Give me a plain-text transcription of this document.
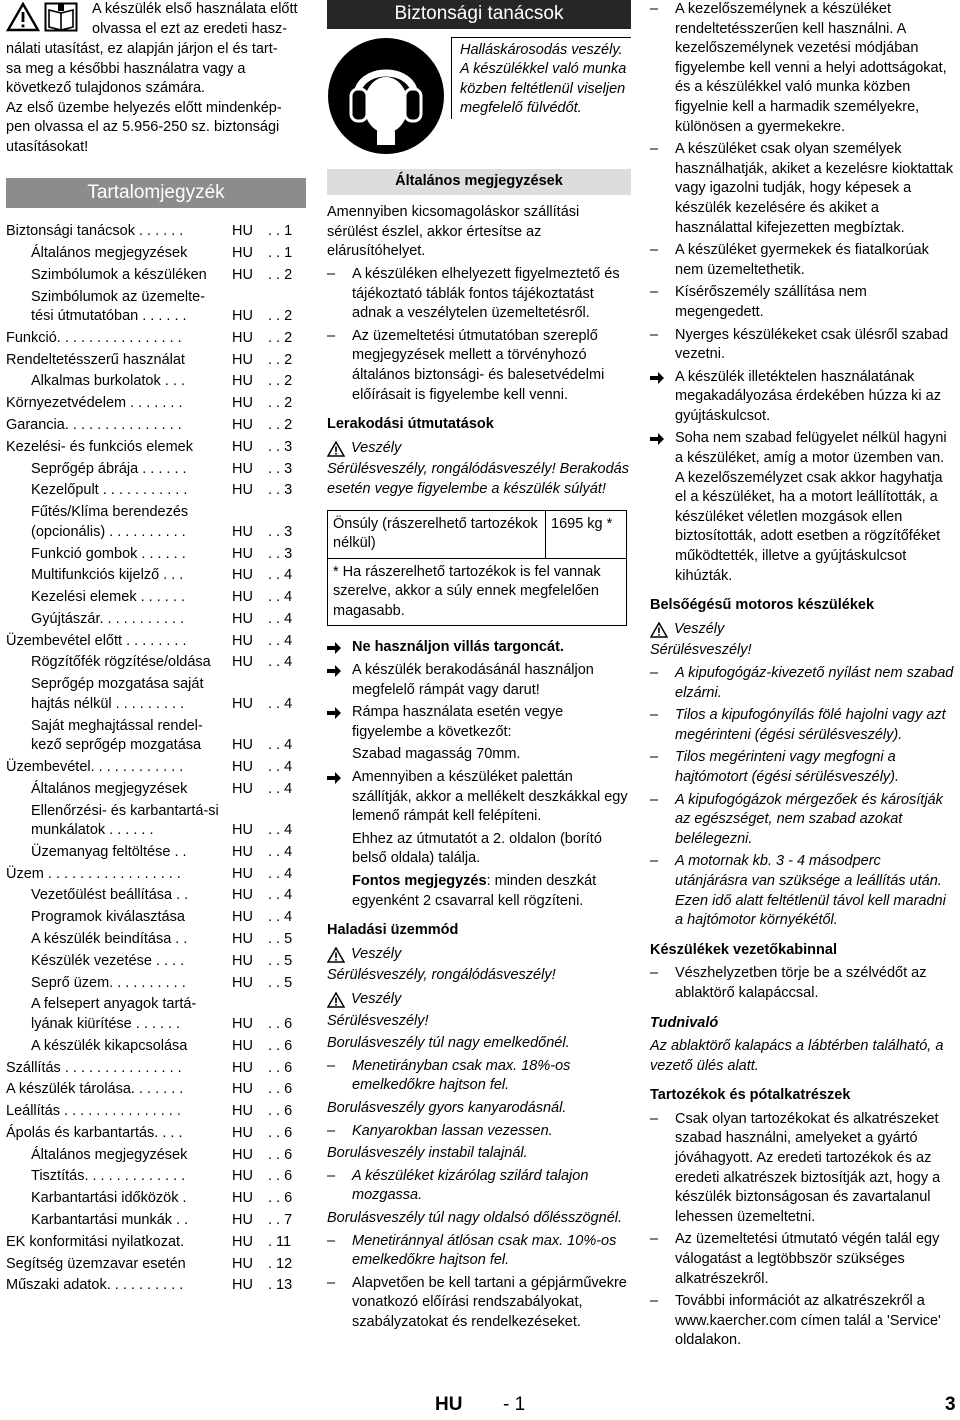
A készülék első használata előtt
olvassa el ezt az eredeti hasz-
nálati utasítást, ez alapján járjon el és tart-
sa meg a későbbi használatra vagy a
következő tulajdonos számára.
Az első üzembe helyezés előtt mindenkép-
pen olvassa el az 5.956-250 sz. biztonsági
utasításokat!
Tartalomjegyzék
Biztonsági tanácsok . . . . . .	HU . . 1
Általános megjegyzések	HU . . 1
Szimbólumok a készüléken	HU . . 2
Szimbólumok az üzemelte-tési útmutatóban . . . . . .	HU . . 2
Funkció. . . . . . . . . . . . . . . .	HU . . 2
Rendeltetésszerű használat	HU . . 2
Alkalmas burkolatok . . .	HU . . 2
Környezetvédelem . . . . . . .	HU . . 2
Garancia. . . . . . . . . . . . . . .	HU . . 2
Kezelési- és funkciós elemek	HU . . 3
Seprőgép ábrája . . . . . .	HU . . 3
Kezelőpult . . . . . . . . . . .	HU . . 3
Fűtés/Klíma berendezés (opcionális) . . . . . . . . . .	HU . . 3
Funkció gombok . . . . . .	HU . . 3
Multifunkciós kijelző . . .	HU . . 4
Kezelési elemek . . . . . .	HU . . 4
Gyújtászár. . . . . . . . . . .	HU . . 4
Üzembevétel előtt . . . . . . . .	HU . . 4
Rögzítőfék rögzítése/oldása	HU . . 4
Seprőgép mozgatása saját hajtás nélkül . . . . . . . . .	HU . . 4
Saját meghajtással rendel-kező seprőgép mozgatása	HU . . 4
Üzembevétel. . . . . . . . . . . .	HU . . 4
Általános megjegyzések	HU . . 4
Ellenőrzési- és karbantartá-si munkálatok . . . . . .	HU . . 4
Üzemanyag feltöltése . .	HU . . 4
Üzem . . . . . . . . . . . . . . . . .	HU . . 4
Vezetőülést beállítása . .	HU . . 4
Programok kiválasztása	HU . . 4
A készülék beindítása . .	HU . . 5
Készülék vezetése . . . .	HU . . 5
Seprő üzem. . . . . . . . . .	HU . . 5
A felsepert anyagok tartá-lyának kiürítése . . . . . .	HU . . 6
A készülék kikapcsolása	HU . . 6
Szállítás . . . . . . . . . . . . . . .	HU . . 6
A készülék tárolása. . . . . . .	HU . . 6
Leállítás . . . . . . . . . . . . . . .	HU . . 6
Ápolás és karbantartás. . . .	HU . . 6
Általános megjegyzések	HU . . 6
Tisztítás. . . . . . . . . . . . .	HU . . 6
Karbantartási időközök .	HU . . 6
Karbantartási munkák . .	HU . . 7
EK konformitási nyilatkozat.	HU . 11
Segítség üzemzavar esetén	HU . 12
Műszaki adatok. . . . . . . . . .	HU . 13
Biztonsági tanácsok
Halláskárosodás veszély. A készülékkel való munka közben feltétlenül viseljen megfelelő fülvédőt.
Általános megjegyzések

Amennyiben kicsomagoláskor szállítási sérülést észlel, akkor értesítse az elárusítóhelyet.

– A készüléken elhelyezett figyelmeztető és tájékoztató táblák fontos tájékoztatást adnak a veszélytelen üzemeltetésről.
– Az üzemeltetési útmutatóban szereplő megjegyzések mellett a törvényhozó általános biztonsági- és balesetvédelmi előírásait is figyelembe kell venni.
Lerakodási útmutatások
Veszély

Sérülésveszély, rongálódásveszély! Berakodás esetén vegye figyelembe a készülék súlyát!

Önsúly (rászerelhető tartozékok nélkül)	1695 kg *
* Ha rászerelhető tartozékok is fel vannak szerelve, akkor a súly ennek megfelelően magasabb.
Ne használjon villás targoncát.
A készülék berakodásánál használjon megfelelő rámpát vagy darut!
Rámpa használata esetén vegye figyelembe a következőt:
Szabad magasság 70mm.
Amennyiben a készüléket palettán szállítják, akkor a mellékelt deszkákkal egy lemenő rámpát kell felépíteni.
Ehhez az útmutatót a 2. oldalon (borító belső oldala) találja.
Fontos megjegyzés: minden deszkát egyenként 2 csavarral kell rögzíteni.
Haladási üzemmód
Veszély

Sérülésveszély, rongálódásveszély!

Veszély

Sérülésveszély!

Borulásveszély túl nagy emelkedőnél.

– Menetirányban csak max. 18%-os emelkedőkre hajtson fel.

Borulásveszély gyors kanyarodásnál.

– Kanyarokban lassan vezessen.

Borulásveszély instabil talajnál.

– A készüléket kizárólag szilárd talajon mozgassa.

Borulásveszély túl nagy oldalsó dőlésszögnél.

– Menetiránnyal átlósan csak max. 10%-os emelkedőkre hajtson fel.
– Alapvetően be kell tartani a gépjárművekre vonatkozó előírási rendszabályokat, szabályzatokat és rendelkezéseket.
– A kezelőszemélynek a készüléket rendeltetésszerűen kell használni. A kezelőszemélynek vezetési módjában figyelembe kell venni a helyi adottságokat, és a készülékkel való munka közben figyelnie kell a harmadik személyekre, különösen a gyermekekre.
– A készüléket csak olyan személyek használhatják, akiket a kezelésre kioktattak vagy igazolni tudják, hogy képesek a készülék kezelésére és akiket a használattal kifejezetten megbíztak.
– A készüléket gyermekek és fiatalkorúak nem üzemeltethetik.
– Kísérőszemély szállítása nem megengedett.
– Nyerges készülékeket csak ülésről szabad vezetni.
A készülék illetéktelen használatának megakadályozása érdekében húzza ki az gyújtáskulcsot.
Soha nem szabad felügyelet nélkül hagyni a készüléket, amíg a motor üzemben van. A kezelőszemélyzet csak akkor hagyhatja el a készüléket, ha a motort leállították, a készüléket véletlen mozgások ellen biztosították, adott esetben a rögzítőféket működtették, illetve a gyújtáskulcsot kihúzták.
Belsőégésű motoros készülékek
Veszély

Sérülésveszély!

– A kipufogógáz-kivezető nyílást nem szabad elzárni.
– Tilos a kipufogónyílás fölé hajolni vagy azt megérinteni (égési sérülésveszély).
– Tilos megérinteni vagy megfogni a hajtómotort (égési sérülésveszély).
– A kipufogógázok mérgezőek és károsítják az egészséget, nem szabad azokat belélegezni.
– A motornak kb. 3 - 4 másodperc utánjárásra van szüksége a leállítás után. Ezen idő alatt feltétlenül távol kell maradni a hajtómotor környékétől.
Készülékek vezetőkabinnal
– Vészhelyzetben törje be a szélvédőt az ablaktörő kalapáccsal.
Tudnivaló

Az ablaktörő kalapács a lábtérben található, a vezető ülés alatt.

Tartozékok és pótalkatrészek
– Csak olyan tartozékokat és alkatrészeket szabad használni, amelyeket a gyártó jóváhagyott. Az eredeti tartozékok és az eredeti alkatrészek biztosítják azt, hogy a készülék biztonságosan és zavartalanul lehessen üzemeltetni.
– Az üzemeltetési útmutató végén talál egy válogatást a legtöbbször szükséges alkatrészekről.
– További információt az alkatrészekről a www.kaercher.com címen talál a 'Service' oldalakon.
HU - 1	3
